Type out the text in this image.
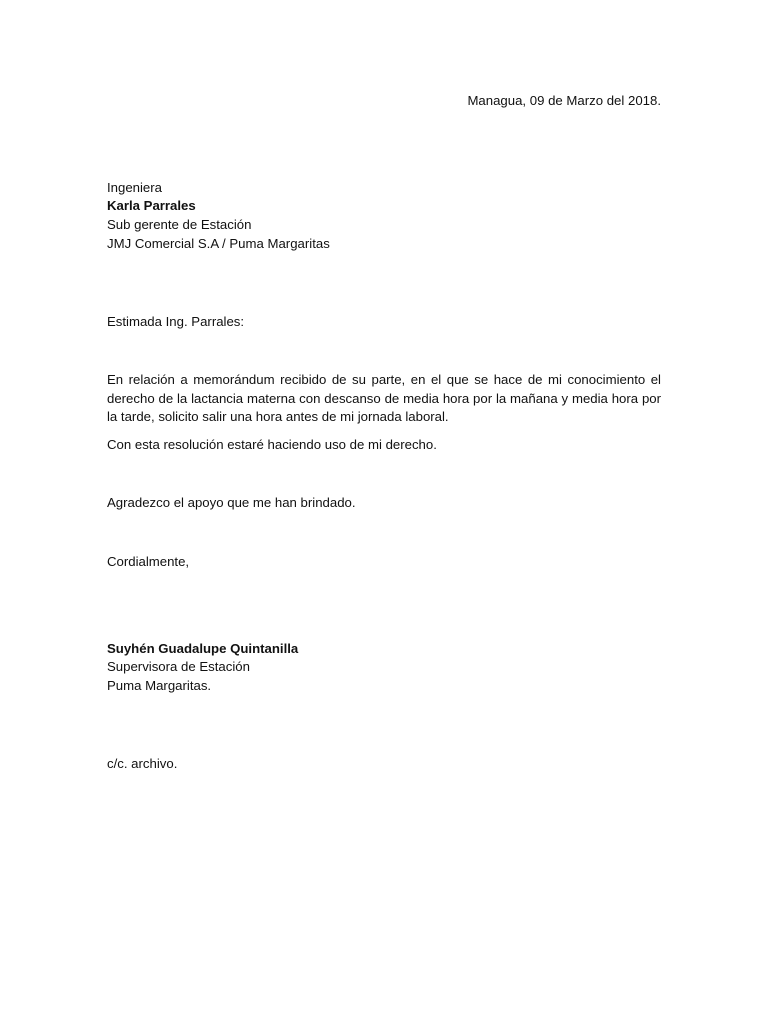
Managua, 09 de Marzo del 2018.
Ingeniera
Karla Parrales
Sub gerente de Estación
JMJ Comercial S.A / Puma Margaritas
Estimada Ing. Parrales:
En relación a memorándum recibido de su parte, en el que se hace de mi conocimiento el derecho de la lactancia materna con descanso de media hora por la mañana y media hora por la tarde, solicito salir una hora antes de mi jornada laboral.
Con esta resolución estaré haciendo uso de mi derecho.
Agradezco el apoyo que me han brindado.
Cordialmente,
Suyhén Guadalupe Quintanilla
Supervisora de Estación
Puma Margaritas.
c/c. archivo.
